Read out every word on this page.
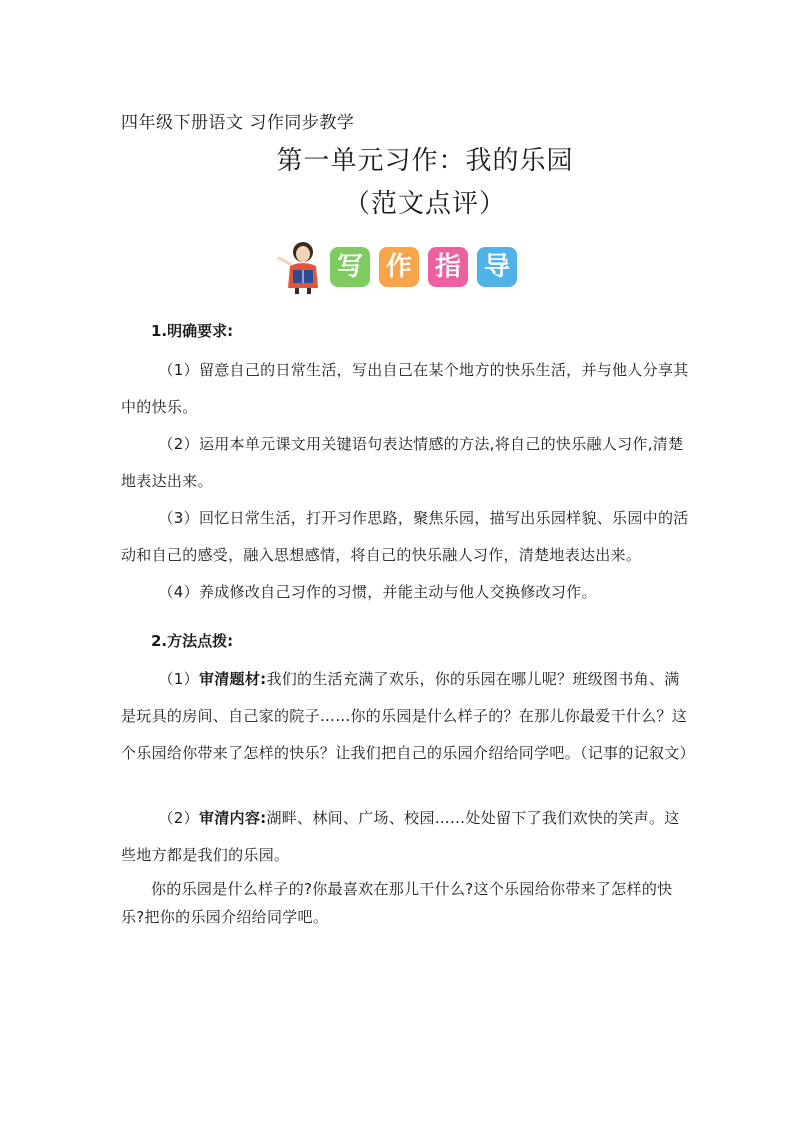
四年级下册语文 习作同步教学
第一单元习作：我的乐园
（范文点评）
写 作 指 导
1.明确要求:
（1）留意自己的日常生活，写出自己在某个地方的快乐生活，并与他人分享其中的快乐。
（2）运用本单元课文用关键语句表达情感的方法,将自己的快乐融人习作,清楚地表达出来。
（3）回忆日常生活，打开习作思路，聚焦乐园，描写出乐园样貌、乐园中的活动和自己的感受，融入思想感情，将自己的快乐融人习作，清楚地表达出来。
（4）养成修改自己习作的习惯，并能主动与他人交换修改习作。
2.方法点拨:
（1）审清题材:我们的生活充满了欢乐，你的乐园在哪儿呢？班级图书角、满是玩具的房间、自己家的院子……你的乐园是什么样子的？在那儿你最爱干什么？这个乐园给你带来了怎样的快乐？让我们把自己的乐园介绍给同学吧。（记事的记叙文）
（2）审清内容:湖畔、林间、广场、校园……处处留下了我们欢快的笑声。这些地方都是我们的乐园。
你的乐园是什么样子的?你最喜欢在那儿干什么?这个乐园给你带来了怎样的快乐?把你的乐园介绍给同学吧。
